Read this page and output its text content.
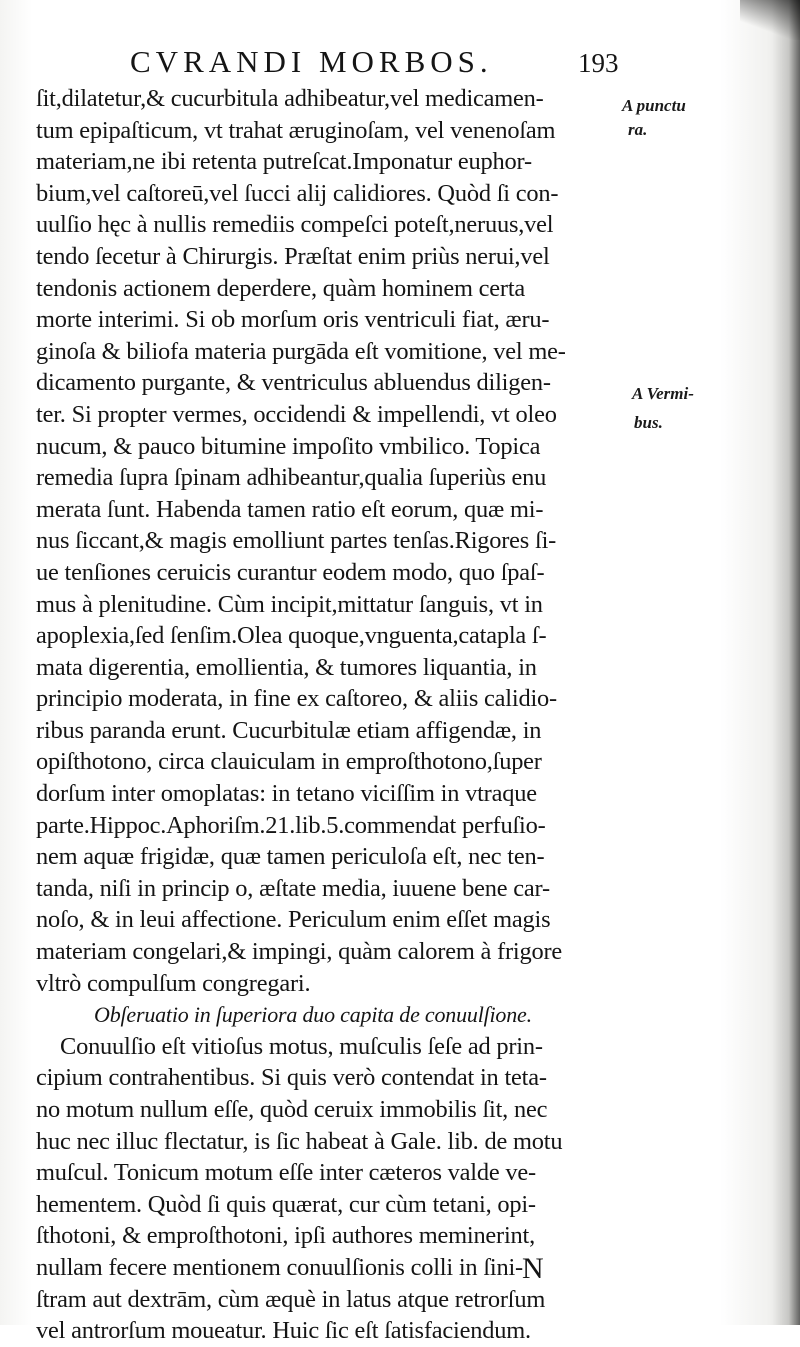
CVRANDI MORBOS.	193
ſit,dilatetur,& cucurbitula adhibeatur,vel medicamen-
tum epipaſticum, vt trahat æruginoſam, vel venenoſam
materiam,ne ibi retenta putreſcat.Imponatur euphor-
bium,vel caſtoreū,vel ſucci alij calidiores. Quòd ſi con-
uulſio hęc à nullis remediis compeſci poteſt,neruus,vel
tendo ſecetur à Chirurgis. Præſtat enim priùs nerui,vel
tendonis actionem deperdere, quàm hominem certa
morte interimi. Si ob morſum oris ventriculi fiat, æru-
ginoſa & biliofa materia purgāda eſt vomitione, vel me-
dicamento purgante, & ventriculus abluendus diligen-
ter. Si propter vermes, occidendi & impellendi, vt oleo
nucum, & pauco bitumine impoſito vmbilico. Topica
remedia ſupra ſpinam adhibeantur,qualia ſuperiùs enu
merata ſunt. Habenda tamen ratio eſt eorum, quæ mi-
nus ſiccant,& magis emolliunt partes tenſas.Rigores ſi-
ue tenſiones ceruicis curantur eodem modo, quo ſpaſ-
mus à plenitudine. Cùm incipit,mittatur ſanguis, vt in
apoplexia,ſed ſenſim.Olea quoque,vnguenta,catapla ſ-
mata digerentia, emollientia, & tumores liquantia, in
principio moderata, in fine ex caſtoreo, & aliis calidio-
ribus paranda erunt. Cucurbitulæ etiam affigendæ, in
opiſthotono, circa clauiculam in emproſthotono,ſuper
dorſum inter omoplatas: in tetano viciſſim in vtraque
parte.Hippoc.Aphoriſm.21.lib.5.commendat perfuſio-
nem aquæ frigidæ, quæ tamen periculoſa eſt, nec ten-
tanda, niſi in princip o, æſtate media, iuuene bene car-
noſo, & in leui affectione. Periculum enim eſſet magis
materiam congelari,& impingi, quàm calorem à frigore
vltrò compulſum congregari.
Obſeruatio in ſuperiora duo capita de conuulſione.
Conuulſio eſt vitioſus motus, muſculis ſeſe ad prin-
cipium contrahentibus. Si quis verò contendat in teta-
no motum nullum eſſe, quòd ceruix immobilis ſit, nec
huc nec illuc flectatur, is ſic habeat à Gale. lib. de motu
muſcul. Tonicum motum eſſe inter cæteros valde ve-
hementem. Quòd ſi quis quærat, cur cùm tetani, opi-
ſthotoni, & emproſthotoni, ipſi authores meminerint,
nullam fecere mentionem conuulſionis colli in ſini-
ſtram aut dextrām, cùm æquè in latus atque retrorſum
vel antrorſum moueatur. Huic ſic eſt ſatisfaciendum.
A punctu
ra.
A Vermi-
bus.
N
